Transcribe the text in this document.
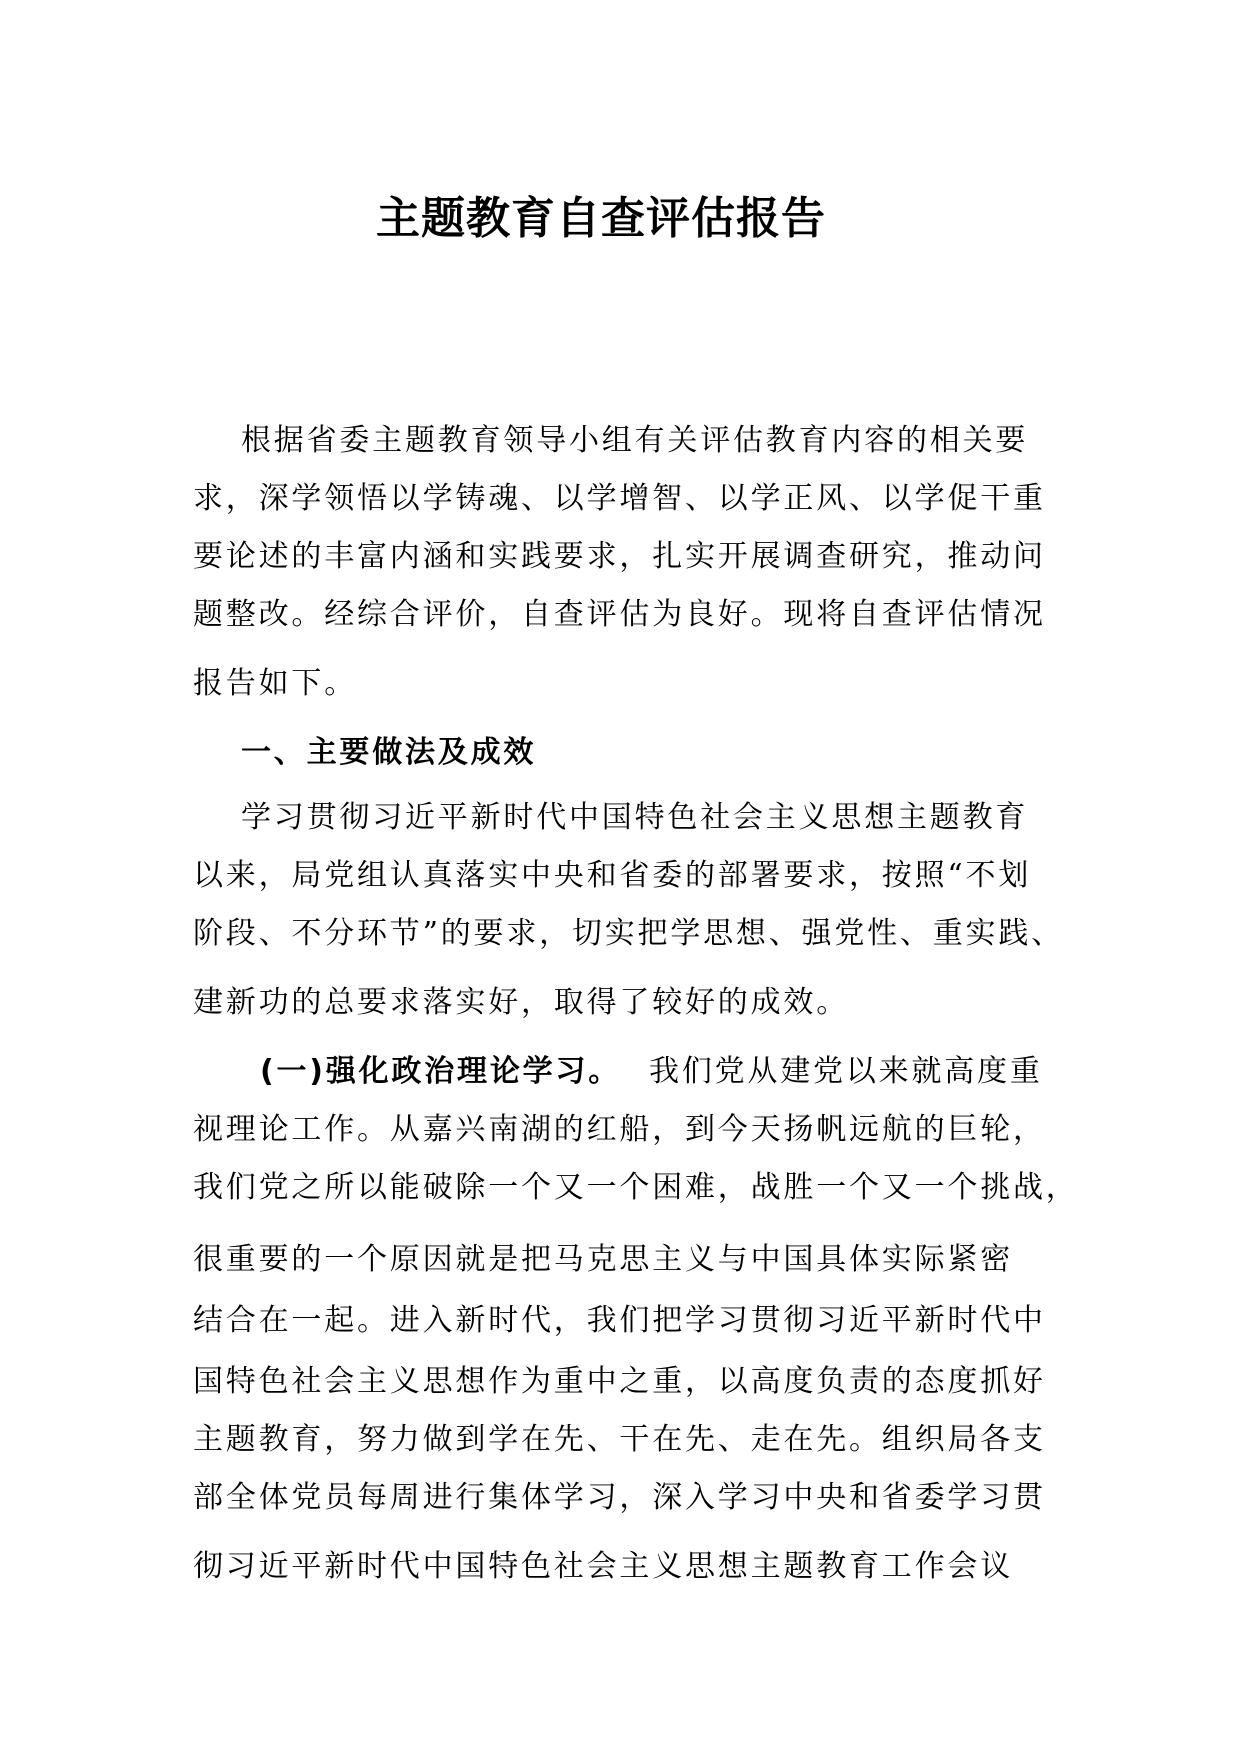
主题教育自查评估报告
根据省委主题教育领导小组有关评估教育内容的相关要
求，深学领悟以学铸魂、以学增智、以学正风、以学促干重
要论述的丰富内涵和实践要求，扎实开展调查研究，推动问
题整改。经综合评价，自查评估为良好。现将自查评估情况
报告如下。
一、主要做法及成效
学习贯彻习近平新时代中国特色社会主义思想主题教育
以来，局党组认真落实中央和省委的部署要求，按照“不划
阶段、不分环节”的要求，切实把学思想、强党性、重实践、
建新功的总要求落实好，取得了较好的成效。
(一)强化政治理论学习。 我们党从建党以来就高度重
视理论工作。从嘉兴南湖的红船，到今天扬帆远航的巨轮，
我们党之所以能破除一个又一个困难，战胜一个又一个挑战，
很重要的一个原因就是把马克思主义与中国具体实际紧密
结合在一起。进入新时代，我们把学习贯彻习近平新时代中
国特色社会主义思想作为重中之重，以高度负责的态度抓好
主题教育，努力做到学在先、干在先、走在先。组织局各支
部全体党员每周进行集体学习，深入学习中央和省委学习贯
彻习近平新时代中国特色社会主义思想主题教育工作会议
